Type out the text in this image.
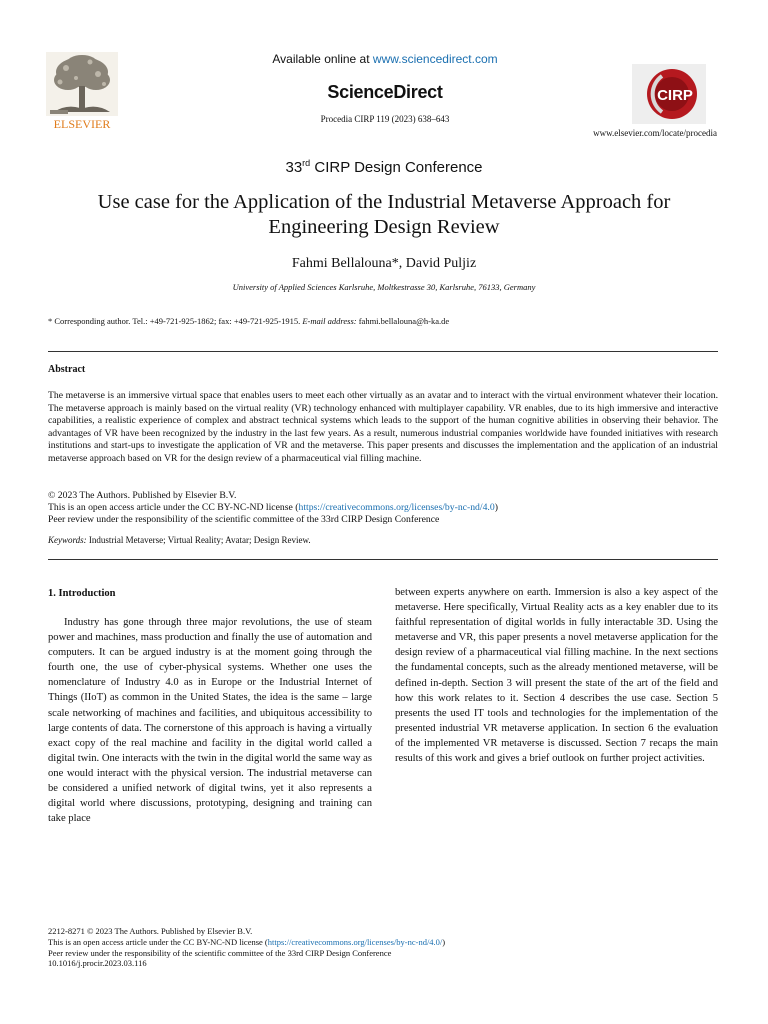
ELSEVIER
Available online at www.sciencedirect.com
ScienceDirect
Procedia CIRP 119 (2023) 638–643
CIRP
www.elsevier.com/locate/procedia
33rd CIRP Design Conference
Use case for the Application of the Industrial Metaverse Approach for
Engineering Design Review
Fahmi Bellalouna*, David Puljiz
University of Applied Sciences Karlsruhe, Moltkestrasse 30, Karlsruhe, 76133, Germany
* Corresponding author. Tel.: +49-721-925-1862; fax: +49-721-925-1915. E-mail address: fahmi.bellalouna@h-ka.de
Abstract
The metaverse is an immersive virtual space that enables users to meet each other virtually as an avatar and to interact with the virtual environment whatever their location. The metaverse approach is mainly based on the virtual reality (VR) technology enhanced with multiplayer capability. VR enables, due to its high immersive and interactive capabilities, a realistic experience of complex and abstract technical systems which leads to the support of the human cognitive abilities in observing their behavior. The advantages of VR have been recognized by the industry in the last few years. As a result, numerous industrial companies worldwide have founded initiatives with research institutions and start-ups to investigate the application of VR and the metaverse. This paper presents and discusses the implementation and the application of an industrial metaverse approach based on VR for the design review of a pharmaceutical vial filling machine.
© 2023 The Authors. Published by Elsevier B.V.
This is an open access article under the CC BY-NC-ND license (https://creativecommons.org/licenses/by-nc-nd/4.0)
Peer review under the responsibility of the scientific committee of the 33rd CIRP Design Conference
Keywords: Industrial Metaverse; Virtual Reality; Avatar; Design Review.
1. Introduction
Industry has gone through three major revolutions, the use of steam power and machines, mass production and finally the use of automation and computers. It can be argued industry is at the moment going through the fourth one, the use of cyber-physical systems. Whether one uses the nomenclature of Industry 4.0 as in Europe or the Industrial Internet of Things (IIoT) as common in the United States, the idea is the same – large scale networking of machines and facilities, and ubiquitous accessibility to large contents of data. The cornerstone of this approach is having a virtually exact copy of the real machine and facility in the digital world called a digital twin. One interacts with the twin in the digital world the same way as one would interact with the physical version. The industrial metaverse can be considered a unified network of digital twins, yet it also represents a digital world where discussions, prototyping, designing and training can take place
between experts anywhere on earth. Immersion is also a key aspect of the metaverse. Here specifically, Virtual Reality acts as a key enabler due to its faithful representation of digital worlds in fully interactable 3D. Using the metaverse and VR, this paper presents a novel metaverse application for the design review of a pharmaceutical vial filling machine. In the next sections the fundamental concepts, such as the already mentioned metaverse, will be defined in-depth. Section 3 will present the state of the art of the field and how this work relates to it. Section 4 describes the use case. Section 5 presents the used IT tools and technologies for the implementation of the presented industrial VR metaverse application. In section 6 the evaluation of the implemented VR metaverse is discussed. Section 7 recaps the main results of this work and gives a brief outlook on further project activities.
2212-8271 © 2023 The Authors. Published by Elsevier B.V.
This is an open access article under the CC BY-NC-ND license (https://creativecommons.org/licenses/by-nc-nd/4.0/)
Peer review under the responsibility of the scientific committee of the 33rd CIRP Design Conference
10.1016/j.procir.2023.03.116
